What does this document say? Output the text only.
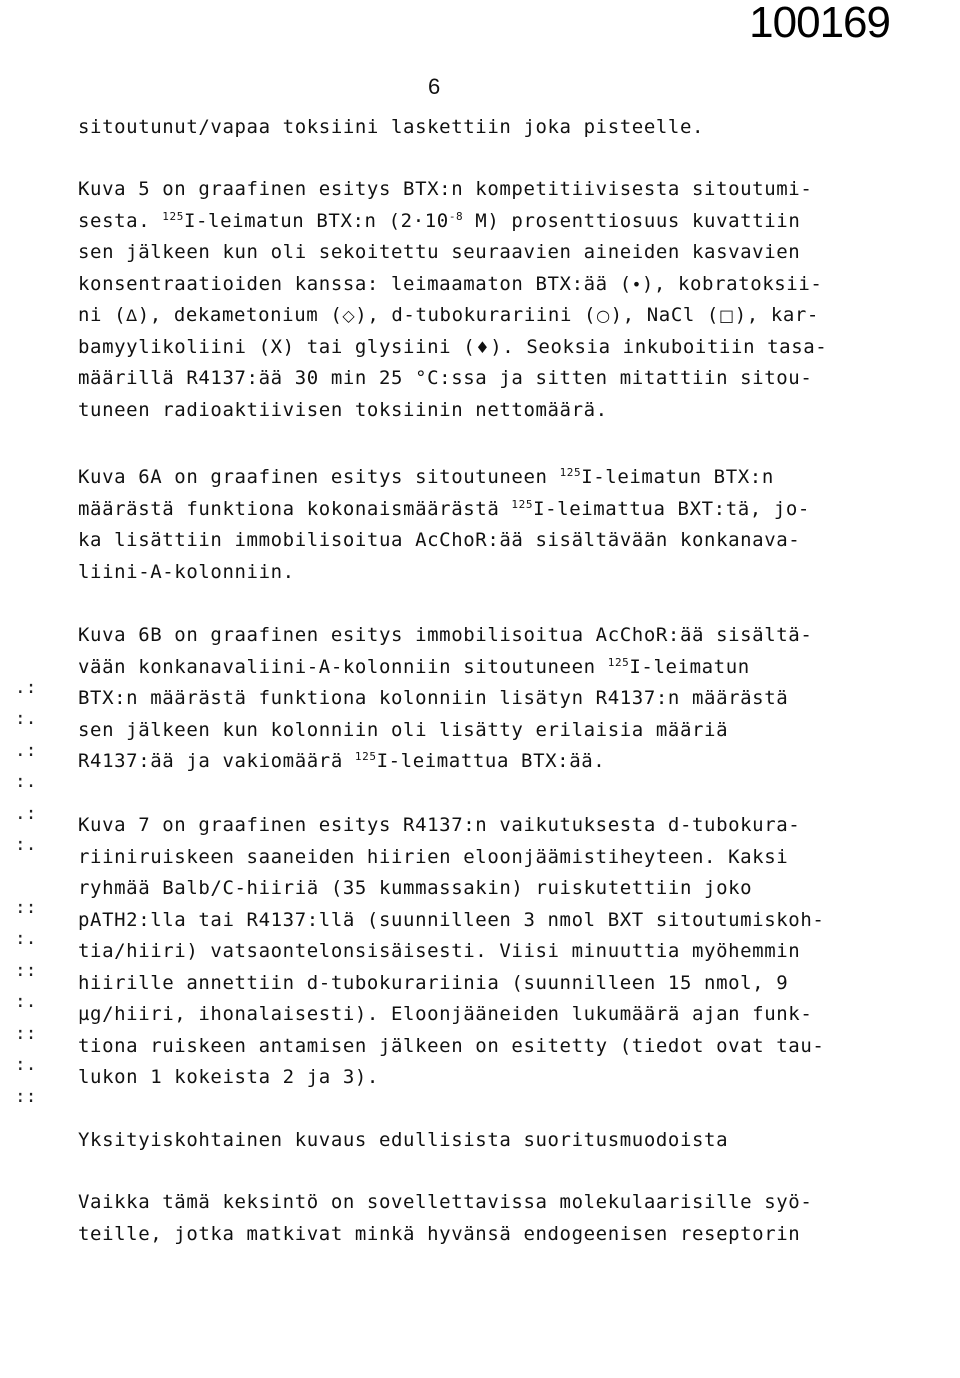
100169
6

.:
:.
.:
:.
.:
:.

::
:.
::
:.
::
:.
::

sitoutunut/vapaa toksiini laskettiin joka pisteelle.

Kuva 5 on graafinen esitys BTX:n kompetitiivisesta sitoutumi-
sesta. $^{125}$I-leimatun BTX:n ($2\cdot 10^{-8}$ M) prosenttiosuus kuvattiin
sen jälkeen kun oli sekoitettu seuraavien aineiden kasvavien
konsentraatioiden kanssa: leimaamaton BTX:ää (•), kobratoksii-
ni (Δ), dekametonium (◇), d-tubokurariini (○), NaCl (□), kar-
bamyylikoliini (X) tai glysiini (♦). Seoksia inkuboitiin tasa-
määrillä R4137:ää 30 min 25 °C:ssa ja sitten mitattiin sitou-
tuneen radioaktiivisen toksiinin nettomäärä.

Kuva 6A on graafinen esitys sitoutuneen $^{125}$I-leimatun BTX:n
määrästä funktiona kokonaismäärästä $^{125}$I-leimattua BXT:tä, jo-
ka lisättiin immobilisoitua AcChoR:ää sisältävään konkanava-
liini-A-kolonniin.

Kuva 6B on graafinen esitys immobilisoitua AcChoR:ää sisältä-
vään konkanavaliini-A-kolonniin sitoutuneen $^{125}$I-leimatun
BTX:n määrästä funktiona kolonniin lisätyn R4137:n määrästä
sen jälkeen kun kolonniin oli lisätty erilaisia määriä
R4137:ää ja vakiomäärä $^{125}$I-leimattua BTX:ää.

Kuva 7 on graafinen esitys R4137:n vaikutuksesta d-tubokura-
riiniruiskeen saaneiden hiirien eloonjäämistiheyteen. Kaksi
ryhmää Balb/C-hiiriä (35 kummassakin) ruiskutettiin joko
pATH2:lla tai R4137:llä (suunnilleen 3 nmol BXT sitoutumiskoh-
tia/hiiri) vatsaontelonsisäisesti. Viisi minuuttia myöhemmin
hiirille annettiin d-tubokurariinia (suunnilleen 15 nmol, 9
µg/hiiri, ihonalaisesti). Eloonjääneiden lukumäärä ajan funk-
tiona ruiskeen antamisen jälkeen on esitetty (tiedot ovat tau-
lukon 1 kokeista 2 ja 3).

Yksityiskohtainen kuvaus edullisista suoritusmuodoista

Vaikka tämä keksintö on sovellettavissa molekulaarisille syö-
teille, jotka matkivat minkä hyvänsä endogeenisen reseptorin
